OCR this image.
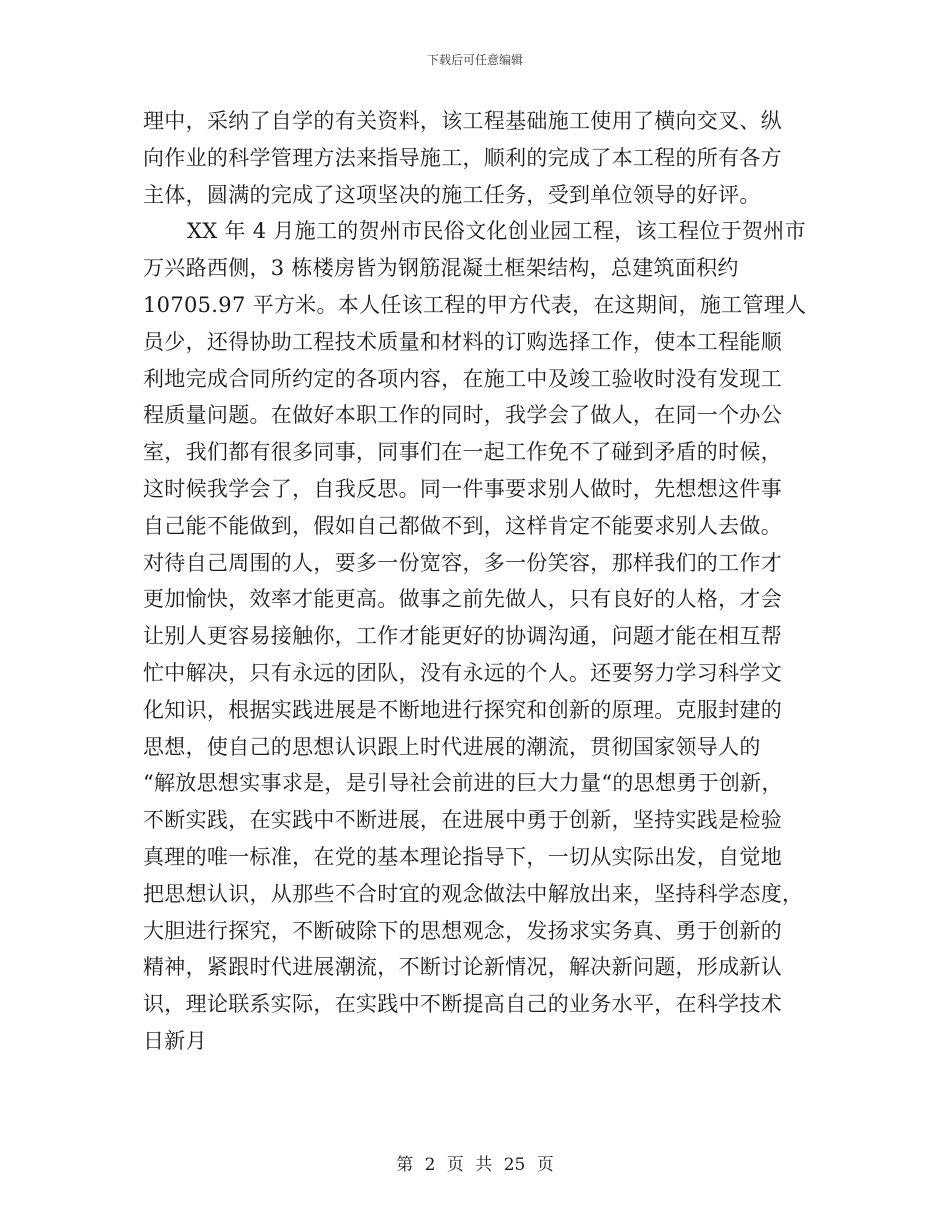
下载后可任意编辑
理中，采纳了自学的有关资料，该工程基础施工使用了横向交叉、纵
向作业的科学管理方法来指导施工，顺利的完成了本工程的所有各方
主体，圆满的完成了这项坚决的施工任务，受到单位领导的好评。
XX 年 4 月施工的贺州市民俗文化创业园工程，该工程位于贺州市
万兴路西侧，3 栋楼房皆为钢筋混凝土框架结构，总建筑面积约
10705.97 平方米。本人任该工程的甲方代表，在这期间，施工管理人
员少，还得协助工程技术质量和材料的订购选择工作，使本工程能顺
利地完成合同所约定的各项内容，在施工中及竣工验收时没有发现工
程质量问题。在做好本职工作的同时，我学会了做人，在同一个办公
室，我们都有很多同事，同事们在一起工作免不了碰到矛盾的时候，
这时候我学会了，自我反思。同一件事要求别人做时，先想想这件事
自己能不能做到，假如自己都做不到，这样肯定不能要求别人去做。
对待自己周围的人，要多一份宽容，多一份笑容，那样我们的工作才
更加愉快，效率才能更高。做事之前先做人，只有良好的人格，才会
让别人更容易接触你，工作才能更好的协调沟通，问题才能在相互帮
忙中解决，只有永远的团队，没有永远的个人。还要努力学习科学文
化知识，根据实践进展是不断地进行探究和创新的原理。克服封建的
思想，使自己的思想认识跟上时代进展的潮流，贯彻国家领导人的
“解放思想实事求是，是引导社会前进的巨大力量“的思想勇于创新，
不断实践，在实践中不断进展，在进展中勇于创新，坚持实践是检验
真理的唯一标准，在党的基本理论指导下，一切从实际出发，自觉地
把思想认识，从那些不合时宜的观念做法中解放出来，坚持科学态度，
大胆进行探究，不断破除下的思想观念，发扬求实务真、勇于创新的
精神，紧跟时代进展潮流，不断讨论新情况，解决新问题，形成新认
识，理论联系实际，在实践中不断提高自己的业务水平，在科学技术
日新月
第 2 页 共 25 页
